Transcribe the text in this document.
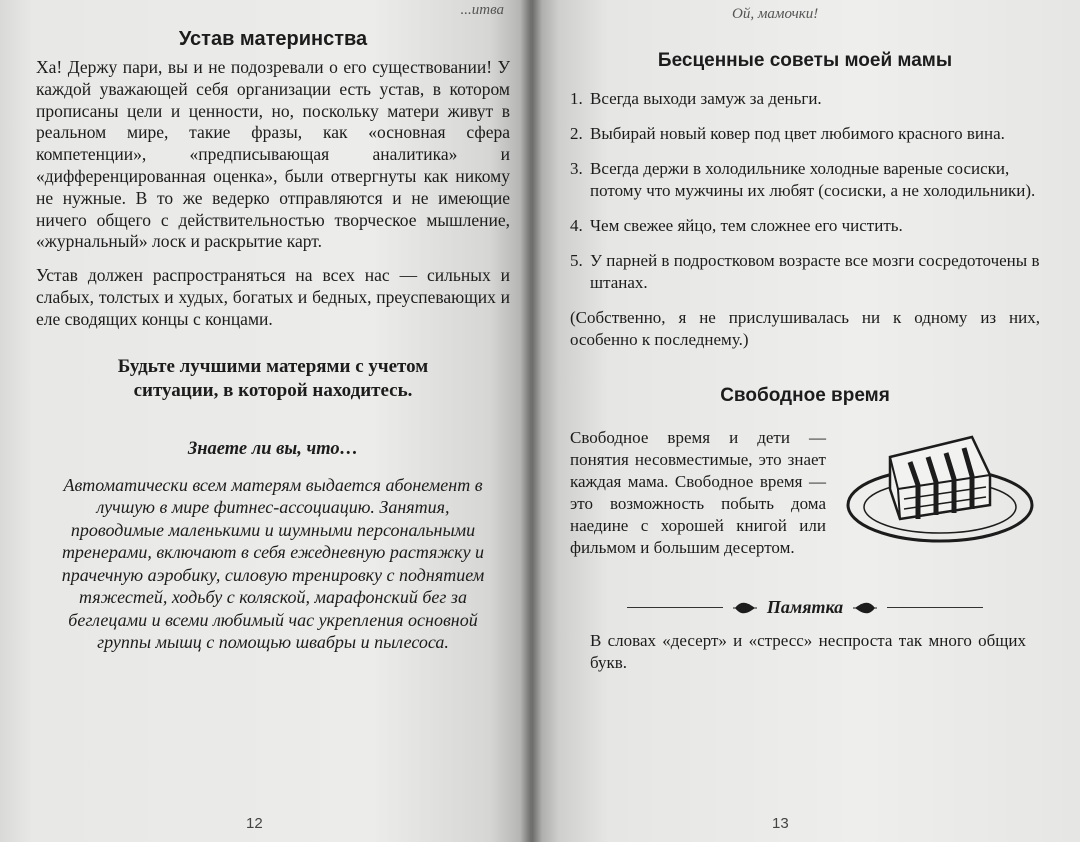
...итва
Устав материнства

Ха! Держу пари, вы и не подозревали о его существовании! У каждой уважающей себя организации есть устав, в котором прописаны цели и ценности, но, поскольку матери живут в реальном мире, такие фразы, как «основная сфера компетенции», «предписывающая аналитика» и «дифференцированная оценка», были отвергнуты как никому не нужные. В то же ведерко отправляются и не имеющие ничего общего с действительностью творческое мышление, «журнальный» лоск и раскрытие карт.

Устав должен распространяться на всех нас — сильных и слабых, толстых и худых, богатых и бедных, преуспевающих и еле сводящих концы с концами.

Будьте лучшими матерями с учетом ситуации, в которой находитесь.

Знаете ли вы, что…

Автоматически всем матерям выдается абонемент в лучшую в мире фитнес-ассоциацию. Занятия, проводимые маленькими и шумными персональными тренерами, включают в себя ежедневную растяжку и прачечную аэробику, силовую тренировку с поднятием тяжестей, ходьбу с коляской, марафонский бег за беглецами и всеми любимый час укрепления основной группы мышц с помощью швабры и пылесоса.

12
Ой, мамочки!
Бесценные советы моей мамы
1. Всегда выходи замуж за деньги.
2. Выбирай новый ковер под цвет любимого красного вина.
3. Всегда держи в холодильнике холодные вареные сосиски, потому что мужчины их любят (сосиски, а не холодильники).
4. Чем свежее яйцо, тем сложнее его чистить.
5. У парней в подростковом возрасте все мозги сосредоточены в штанах.

(Собственно, я не прислушивалась ни к одному из них, особенно к последнему.)

Свободное время

Свободное время и дети — понятия несовместимые, это знает каждая мама. Свободное время — это возможность побыть дома наедине с хорошей книгой или фильмом и большим десертом.

Памятка

В словах «десерт» и «стресс» неспроста так много общих букв.

13
